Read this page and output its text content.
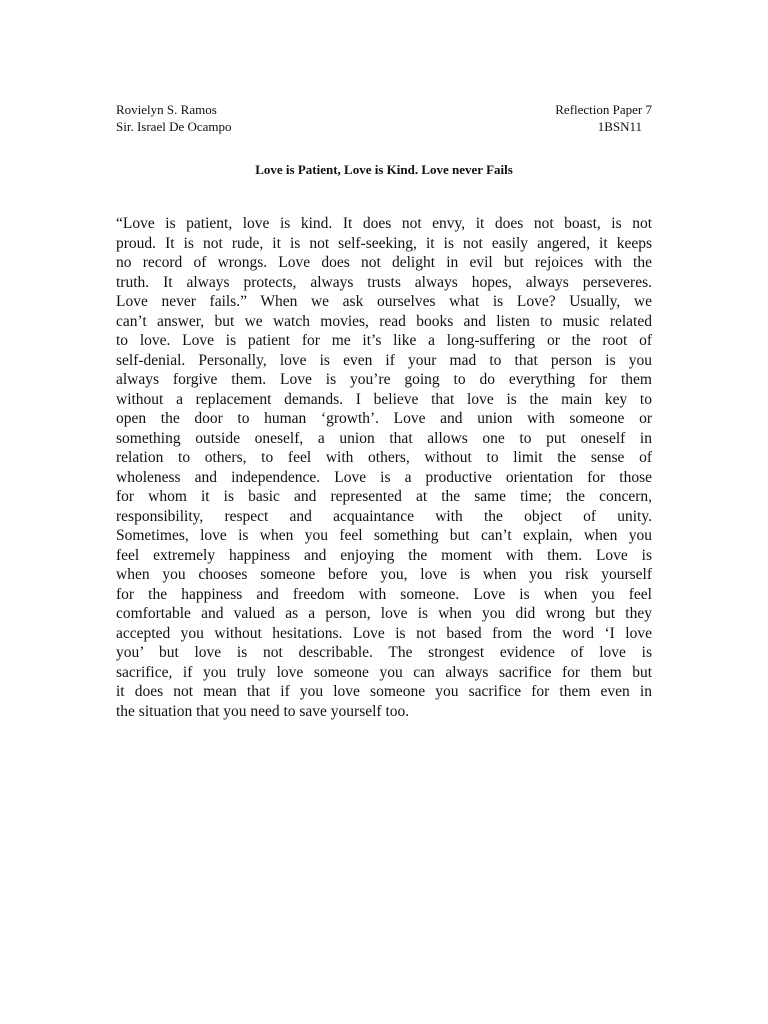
Rovielyn S. Ramos	Reflection Paper 7
Sir. Israel De Ocampo	1BSN11
Love is Patient, Love is Kind. Love never Fails
“Love is patient, love is kind. It does not envy, it does not boast, is not
proud. It is not rude, it is not self-seeking, it is not easily angered, it keeps
no record of wrongs. Love does not delight in evil but rejoices with the
truth. It always protects, always trusts always hopes, always perseveres.
Love never fails.” When we ask ourselves what is Love? Usually, we
can’t answer, but we watch movies, read books and listen to music related
to love. Love is patient for me it’s like a long-suffering or the root of
self-denial. Personally, love is even if your mad to that person is you
always forgive them. Love is you’re going to do everything for them
without a replacement demands. I believe that love is the main key to
open the door to human ‘growth’. Love and union with someone or
something outside oneself, a union that allows one to put oneself in
relation to others, to feel with others, without to limit the sense of
wholeness and independence. Love is a productive orientation for those
for whom it is basic and represented at the same time; the concern,
responsibility, respect and acquaintance with the object of unity.
Sometimes, love is when you feel something but can’t explain, when you
feel extremely happiness and enjoying the moment with them. Love is
when you chooses someone before you, love is when you risk yourself
for the happiness and freedom with someone. Love is when you feel
comfortable and valued as a person, love is when you did wrong but they
accepted you without hesitations. Love is not based from the word ‘I love
you’ but love is not describable. The strongest evidence of love is
sacrifice, if you truly love someone you can always sacrifice for them but
it does not mean that if you love someone you sacrifice for them even in
the situation that you need to save yourself too.
